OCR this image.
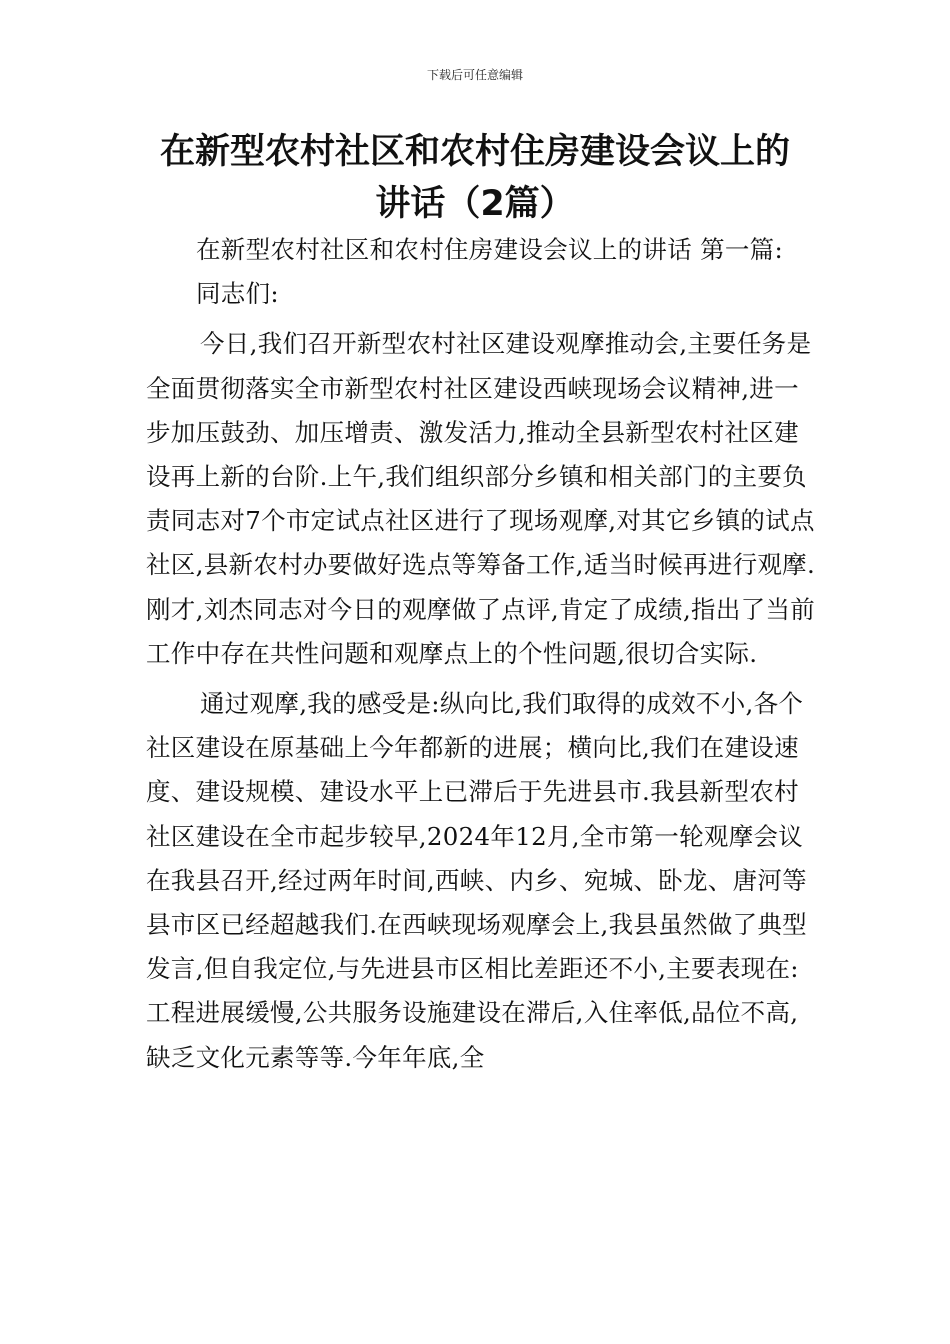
下载后可任意编辑
在新型农村社区和农村住房建设会议上的讲话（2篇）

在新型农村社区和农村住房建设会议上的讲话 第一篇:

同志们:

今日,我们召开新型农村社区建设观摩推动会,主要任务是全面贯彻落实全市新型农村社区建设西峡现场会议精神,进一步加压鼓劲、加压增责、激发活力,推动全县新型农村社区建设再上新的台阶.上午,我们组织部分乡镇和相关部门的主要负责同志对7个市定试点社区进行了现场观摩,对其它乡镇的试点社区,县新农村办要做好选点等筹备工作,适当时候再进行观摩.刚才,刘杰同志对今日的观摩做了点评,肯定了成绩,指出了当前工作中存在共性问题和观摩点上的个性问题,很切合实际.

通过观摩,我的感受是:纵向比,我们取得的成效不小,各个社区建设在原基础上今年都新的进展；横向比,我们在建设速度、建设规模、建设水平上已滞后于先进县市.我县新型农村社区建设在全市起步较早,2024年12月,全市第一轮观摩会议在我县召开,经过两年时间,西峡、内乡、宛城、卧龙、唐河等县市区已经超越我们.在西峡现场观摩会上,我县虽然做了典型发言,但自我定位,与先进县市区相比差距还不小,主要表现在:工程进展缓慢,公共服务设施建设在滞后,入住率低,品位不高,缺乏文化元素等等.今年年底,全
